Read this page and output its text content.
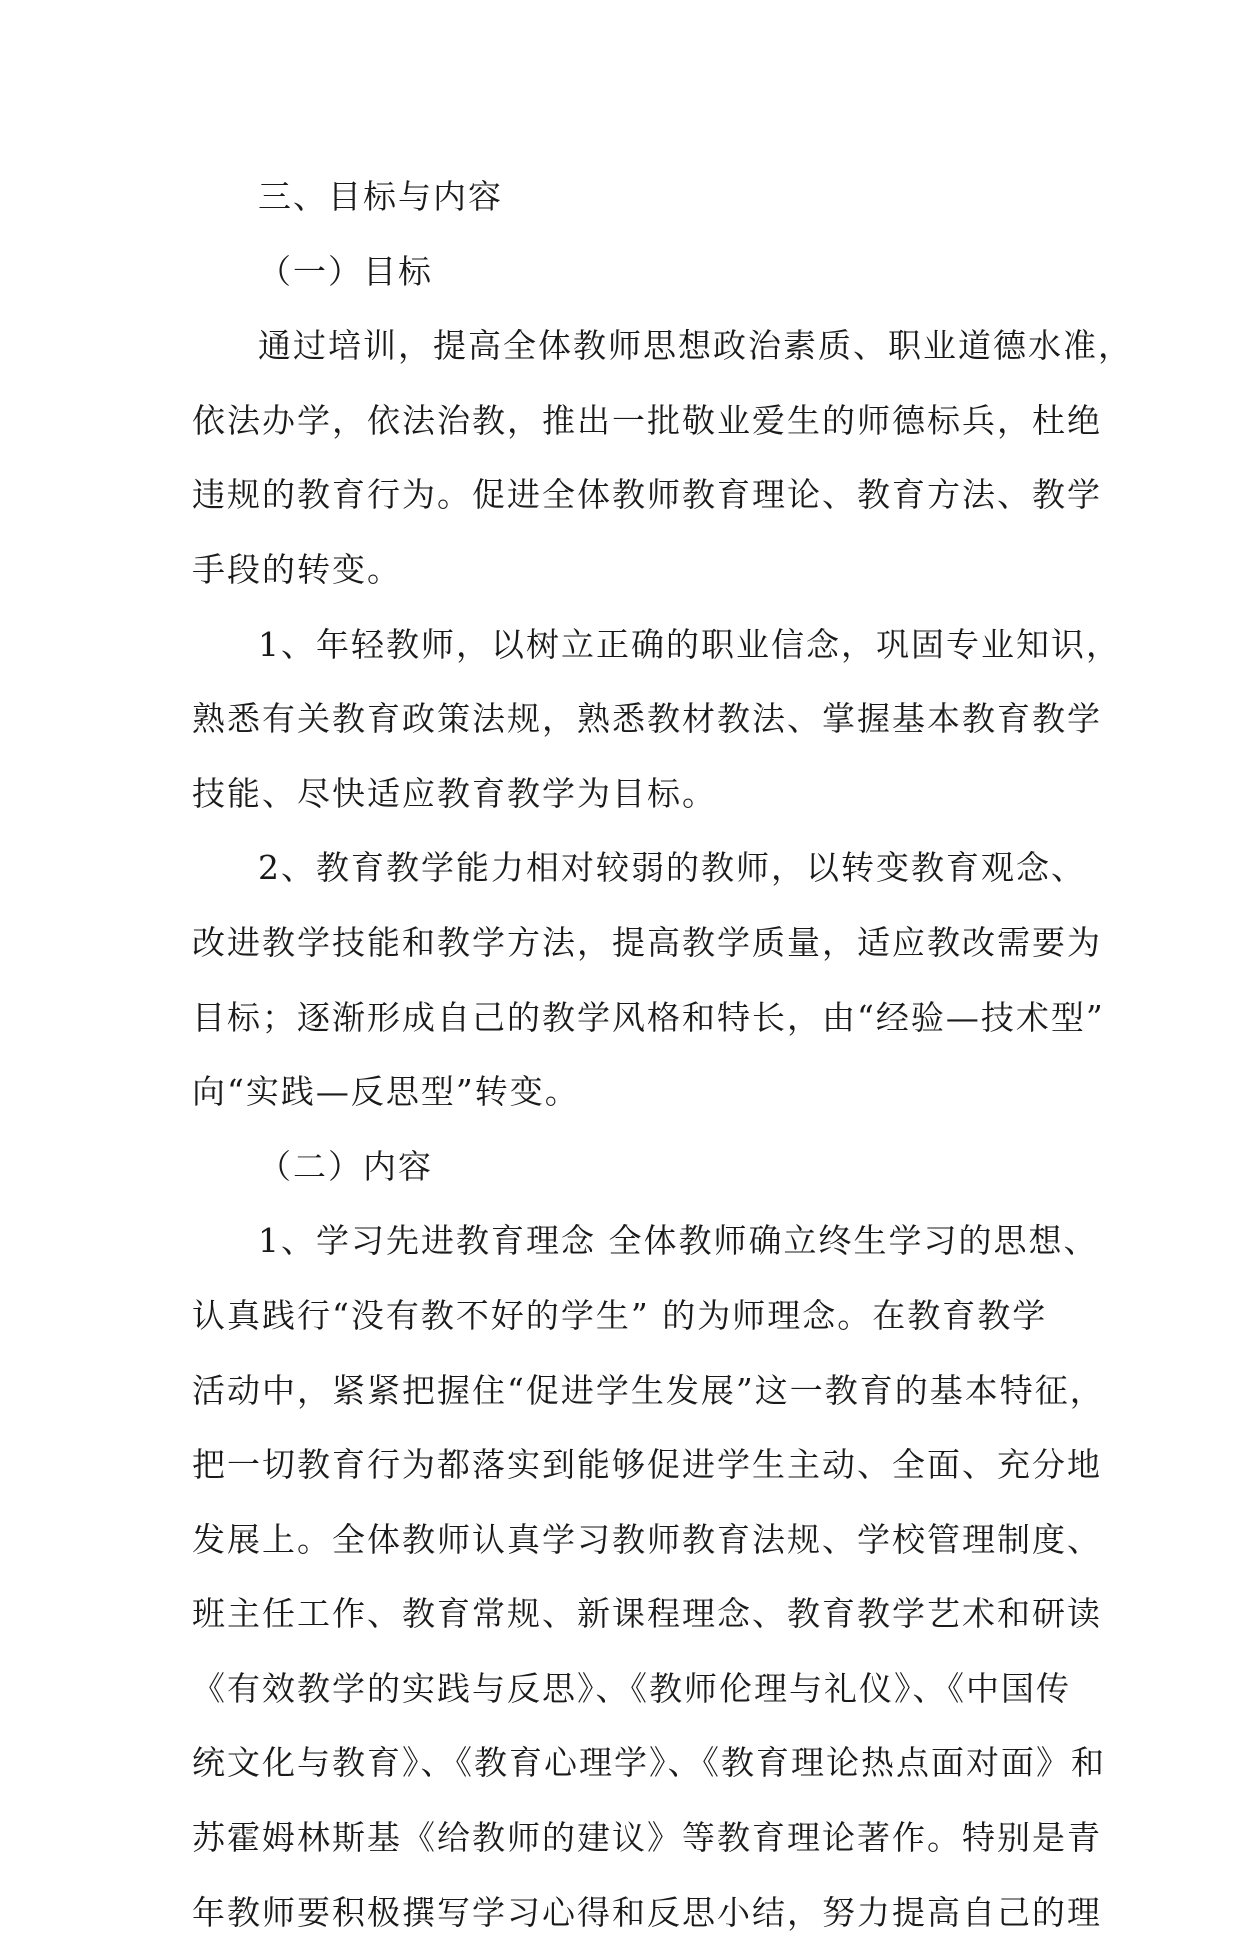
三、目标与内容
（一）目标
通过培训，提高全体教师思想政治素质、职业道德水准，
依法办学，依法治教，推出一批敬业爱生的师德标兵，杜绝
违规的教育行为。促进全体教师教育理论、教育方法、教学
手段的转变。
1、年轻教师，以树立正确的职业信念，巩固专业知识，
熟悉有关教育政策法规，熟悉教材教法、掌握基本教育教学
技能、尽快适应教育教学为目标。
2、教育教学能力相对较弱的教师，以转变教育观念、
改进教学技能和教学方法，提高教学质量，适应教改需要为
目标；逐渐形成自己的教学风格和特长，由“经验—技术型”
向“实践—反思型”转变。
（二）内容
1、学习先进教育理念 全体教师确立终生学习的思想、
认真践行“没有教不好的学生” 的为师理念。在教育教学
活动中，紧紧把握住“促进学生发展”这一教育的基本特征，
把一切教育行为都落实到能够促进学生主动、全面、充分地
发展上。全体教师认真学习教师教育法规、学校管理制度、
班主任工作、教育常规、新课程理念、教育教学艺术和研读
《有效教学的实践与反思》、《教师伦理与礼仪》、《中国传
统文化与教育》、《教育心理学》、《教育理论热点面对面》和
苏霍姆林斯基《给教师的建议》等教育理论著作。特别是青
年教师要积极撰写学习心得和反思小结，努力提高自己的理
